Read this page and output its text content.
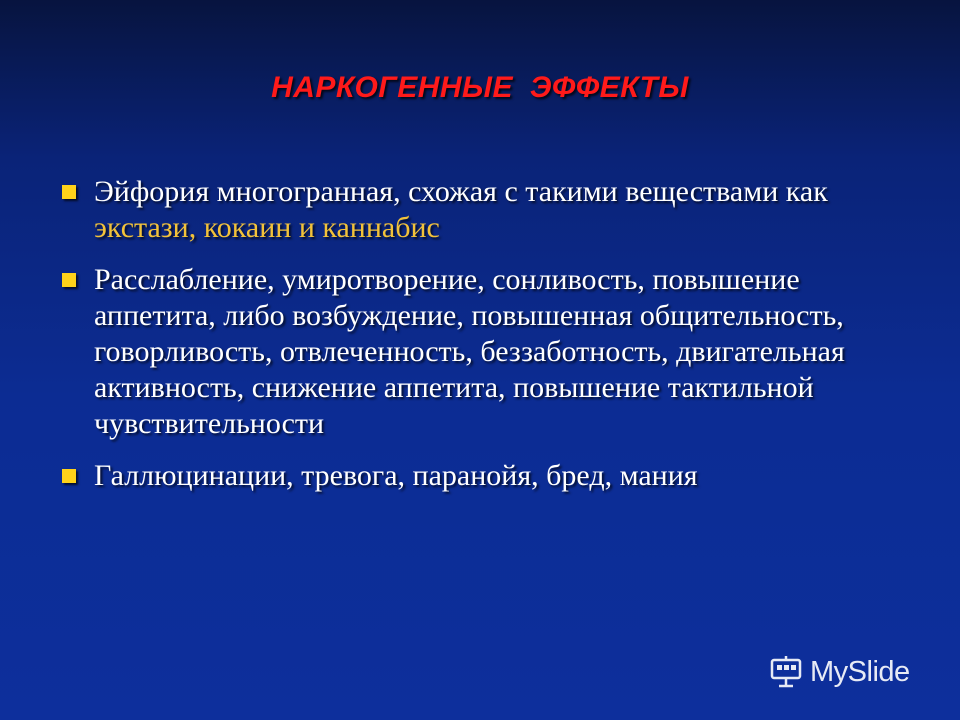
НАРКОГЕННЫЕ ЭФФЕКТЫ
Эйфория многогранная, схожая с такими веществами как экстази, кокаин и каннабис
Расслабление, умиротворение, сонливость, повышение аппетита, либо возбуждение, повышенная общительность, говорливость, отвлеченность, беззаботность, двигательная активность, снижение аппетита, повышение тактильной чувствительности
Галлюцинации, тревога, паранойя, бред, мания
MySlide
